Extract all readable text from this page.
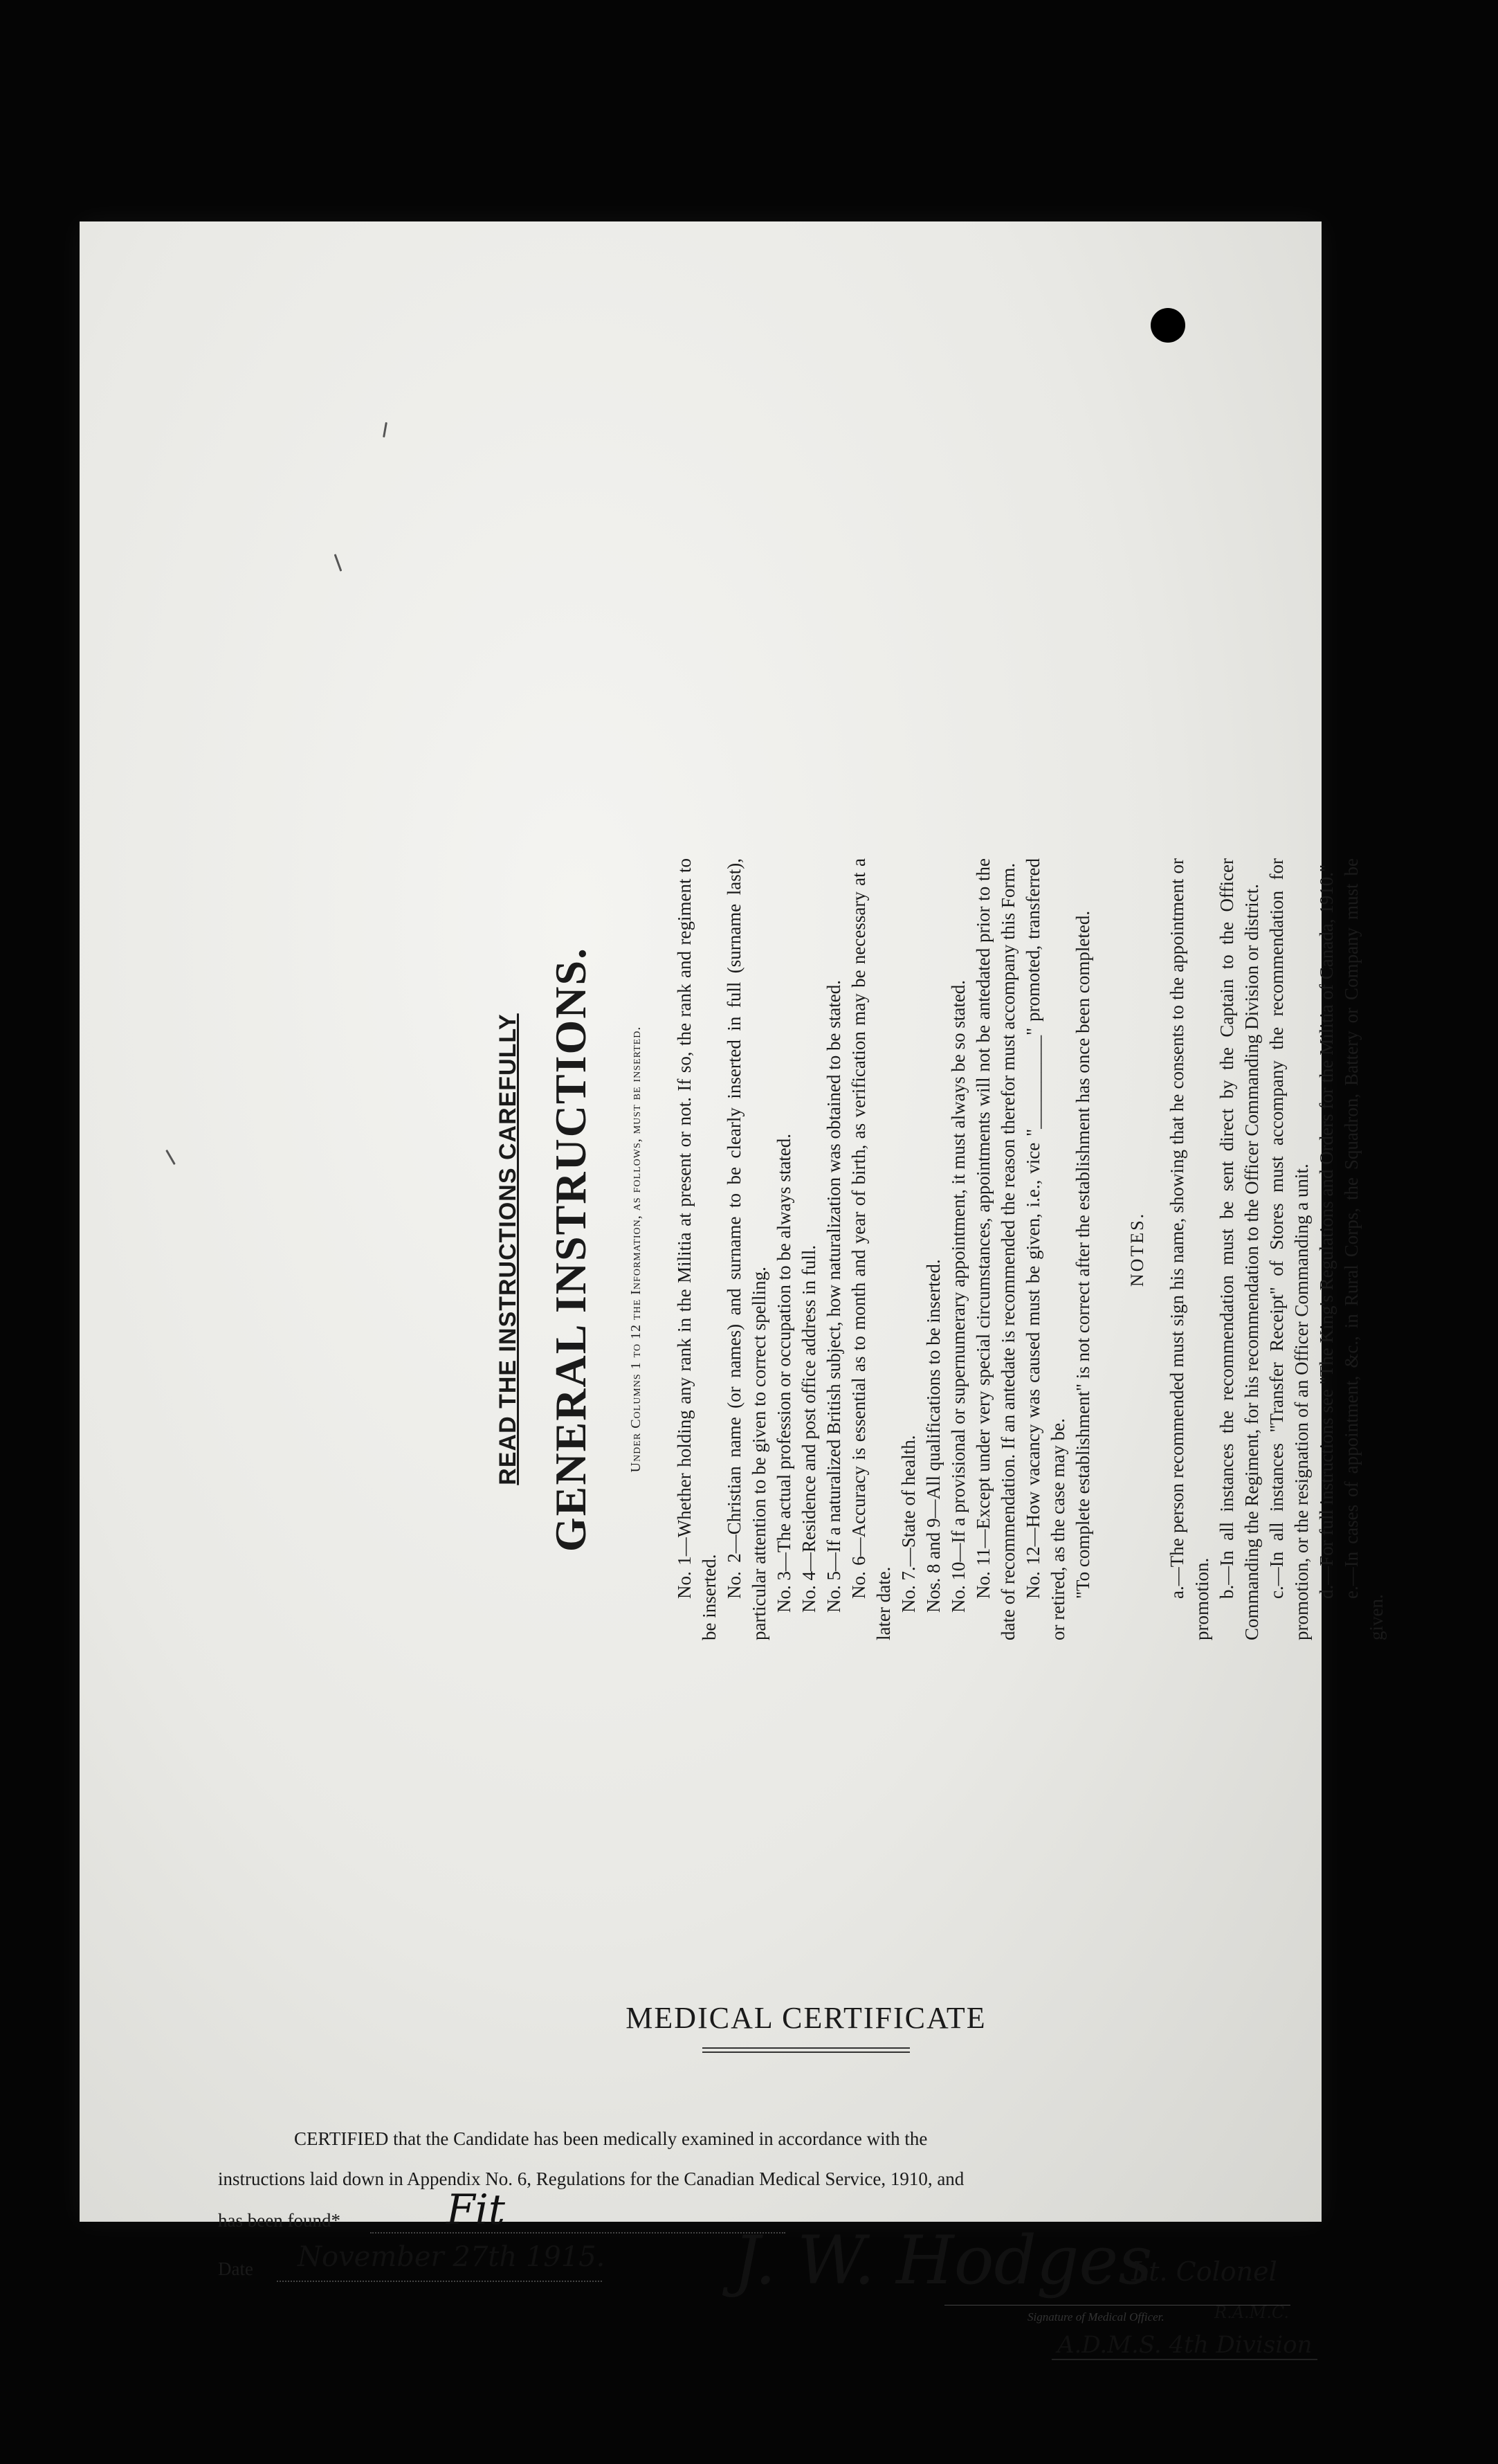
READ THE INSTRUCTIONS CAREFULLY GENERAL INSTRUCTIONS. Under Columns 1 to 12 the Information, as follows, must be inserted. No. 1—Whether holding any rank in the Militia at present or not. If so, the rank and regiment to be inserted. No. 2—Christian name (or names) and surname to be clearly inserted in full (surname last), particular attention to be given to correct spelling. No. 3—The actual profession or occupation to be always stated. No. 4—Residence and post office address in full. No. 5—If a naturalized British subject, how naturalization was obtained to be stated. No. 6—Accuracy is essential as to month and year of birth, as verification may be necessary at a later date. No. 7.—State of health. Nos. 8 and 9—All qualifications to be inserted. No. 10—If a provisional or supernumerary appointment, it must always be so stated. No. 11—Except under very special circumstances, appointments will not be antedated prior to the date of recommendation. If an antedate is recommended the reason therefor must accompany this Form. No. 12—How vacancy was caused must be given, i.e., vice "__________" promoted, transferred or retired, as the case may be. "To complete establishment" is not correct after the establishment has once been completed. NOTES. a.—The person recommended must sign his name, showing that he consents to the appointment or promotion.

b.—In all instances the recommendation must be sent direct by the Captain to the Officer Commanding the Regiment, for his recommendation to the Officer Commanding Division or district. c.—In all instances "Transfer Receipt" of Stores must accompany the recommendation for promotion, or the resignation of an Officer Commanding a unit. d.—For full instructions see "The King's Regulations and Orders for the Militia of Canada, 1910." e.—In cases of appointment, &c., in Rural Corps, the Squadron, Battery or Company must be given.

MEDICAL CERTIFICATE
CERTIFIED that the Candidate has been medically examined in accordance with the
instructions laid down in Appendix No. 6, Regulations for the Canadian Medical Service, 1910, and
has been found*	Fit
Date November 27th 1915. J. W. Hodges
Lt. Colonel
Signature of Medical Officer.	R.A.M.C.
A.D.M.S. 4th Division
